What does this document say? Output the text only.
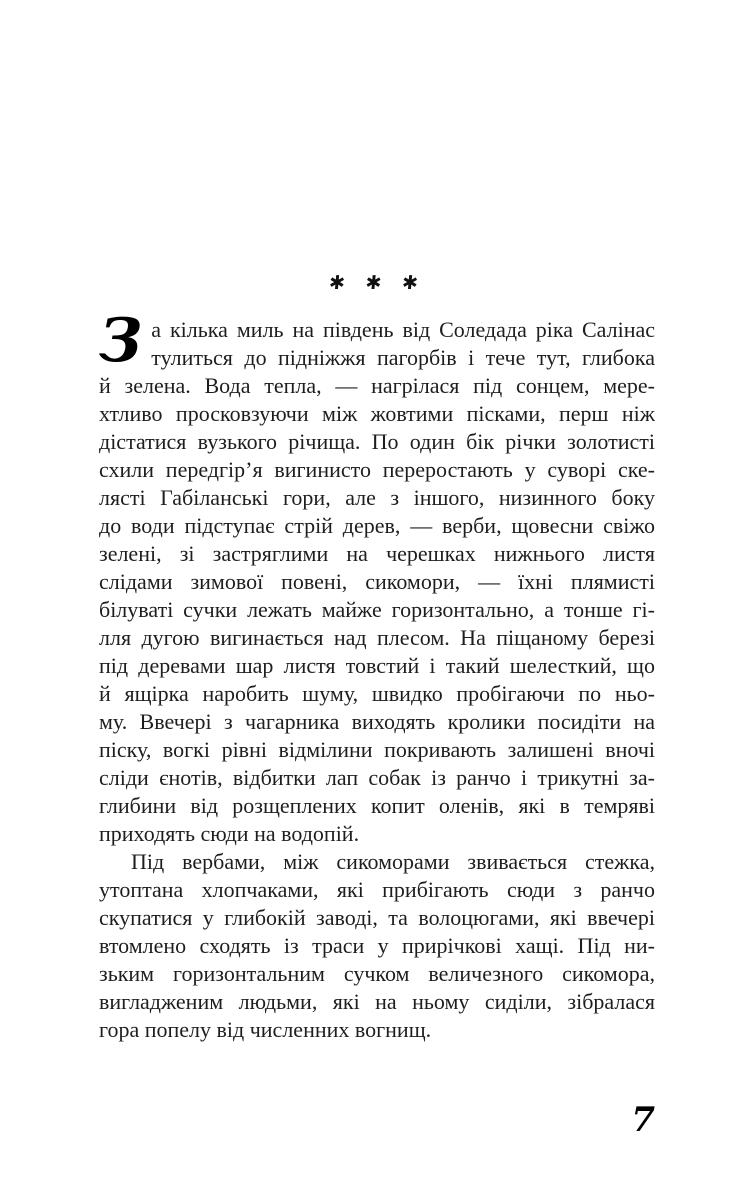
✱ ✱ ✱
З а кілька миль на південь від Соледада ріка Салінас
тулиться до підніжжя пагорбів і тече тут, глибока
й зелена. Вода тепла, — нагрілася під сонцем, мере-
хтливо просковзуючи між жовтими пісками, перш ніж
дістатися вузького річища. По один бік річки золотисті
схили передгір’я вигинисто переростають у суворі ске-
лясті Габіланські гори, але з іншого, низинного боку
до води підступає стрій дерев, — верби, щовесни свіжо
зелені, зі застряглими на черешках нижнього листя
слідами зимової повені, сикомори, — їхні плямисті
білуваті сучки лежать майже горизонтально, а тонше гі-
лля дугою вигинається над плесом. На піщаному березі
під деревами шар листя товстий і такий шелесткий, що
й ящірка наробить шуму, швидко пробігаючи по ньо-
му. Ввечері з чагарника виходять кролики посидіти на
піску, вогкі рівні відмілини покривають залишені вночі
сліди єнотів, відбитки лап собак із ранчо і трикутні за-
глибини від розщеплених копит оленів, які в темряві
приходять сюди на водопій.
Під вербами, між сикоморами звивається стежка,
утоптана хлопчаками, які прибігають сюди з ранчо
скупатися у глибокій заводі, та волоцюгами, які ввечері
втомлено сходять із траси у прирічкові хащі. Під ни-
зьким горизонтальним сучком величезного сикомора,
вигладженим людьми, які на ньому сиділи, зібралася
гора попелу від численних вогнищ.
7
